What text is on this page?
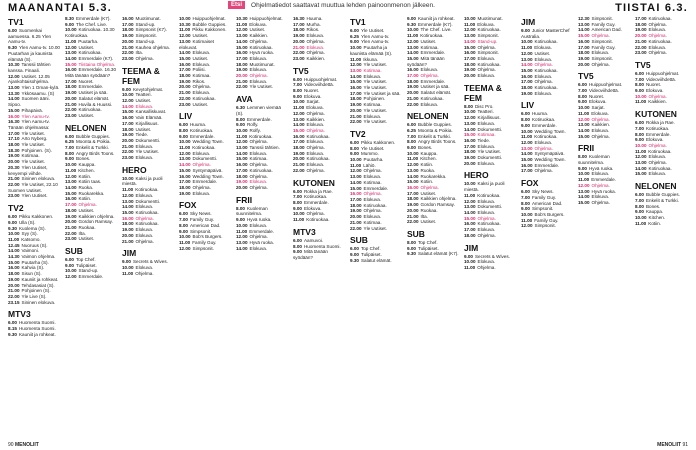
MAANANTAI 5.3.	Etsi	Ohjelmatiedot saattavat muuttua lehden painoonmenon jälkeen.	TIISTAI 6.3.
TV1
6.00 Suomenkai aamuessa. 6.25 Ylen Aamu-tv.
9.30 Ylen Aamu-tv. 10.00 Puutarhan ja kaunista elämää (S).
10.30 Tanssii tähtien kanssa. Finaali.
12.00 Uutiset. 12.05 Ajankohtaisohjelma.
13.00 Ylen 1 Oman-kylä.
13.30 Ykkösaamu. (S)
14.00 Suomen ääni. Sipoo.
15.00 Pihapäivä.
16.00 Ylen Aamu-tv.
16.30 Ylen Aamu-tv. Tänään ohjelmassa:
17.00 Yle Uutiset.
17.10 Arto Nyberg.
18.00 Yle Uutiset.
18.30 Pohjoinen. (S).
19.00 Kotimaa.
20.00 Yle Uutiset.
20.30 Ylen Uutiset, kevyempi viihde.
21.00 Sininen elokuva.
22.00 Yle Uutiset, 22.10 Suomen Uutiset.
23.00 Ylen Uutiset.
TV2
6.00 Pikku Kakkonen.
9.00 Ulla (S).
9.30 Kuolema (S).
10.00 Syy (S).
11.00 Katsomo.
12.45 Nuoruus (S).
14.00 Vaimoni.
14.30 Vaimon ohjelma.
15.00 Puutarha (S).
16.00 Kahvia (S).
18.00 Sisun (S).
19.00 Kauniit ja rohkeat.
20.00 Tehdasasiat (S).
21.00 Pohjoinen (S).
22.00 Yle Live (S).
23.15 Sininen elokuva.
MTV3
6.00 Huomenta Suomi.
8.15 Huomenta Suomi.
9.30 Kauniit ja rohkeat.
8.30 Emmerdale (K7).
9.00 The Chef. Live.
10.00 Kotiruokaa. 10.30 Kotiruokaa.
11.00 Puutarha.
12.00 Uutiset.
13.00 Kotiruokaa.
14.00 Emmerdale (K7).
15.00 Tiistaina Ohjelma.
16.00 Emmerdale. 16.30 Mitä tänään syödään?
17.00 Nuoret.
18.00 Emmerdale.
19.00 Uutiset ja sää.
20.00 Salatut elämät.
21.00 Huvila & Huussi.
22.00 Kotiruokaa.
23.00 Uutiset.
NELONEN
6.00 Bubble Guppies.
6.25 Moonta & Poikia.
7.00 Enkelit & Turkki.
8.00 Angry Birds Toons.
9.00 Bones.
10.00 Kauppa.
11.00 Kitchen.
12.00 Kotiin.
13.00 Kotiin taas.
14.00 Ruoka.
15.00 Ruokarekka.
16.00 Kotiin.
17.00 Ohjelma.
18.00 Uutiset.
19.00 Kaikkien ohjelma.
20.00 Gordon Ramsay.
21.00 Ruokaa.
22.00 Ilta.
23.00 Uutiset.
SUB
6.00 Top Chef.
9.00 Tulipäiset.
10.00 Stand-up.
12.00 Emmerdale.
16.00 Muotimunat.
17.00 Stand-up.
18.00 Simpsonit (K7).
19.00 Simpsonit.
20.00 Stand-up.
21.00 Kauhea ohjelma.
22.00 Ilta.
23.00 Ohjelma.
TEEMA & FEM
9.00 Kevytohjelmat.
10.00 Teatteri.
12.00 Uutiset.
14.00 Elokuva.
15.00 Kansalliskuvat.
16.00 Vain Elämää.
17.00 Kirjallisuus.
18.00 Uutiset.
19.00 Tiede.
20.00 Dokumentti.
21.00 Elokuva.
22.00 Yle Uutiset.
23.00 Elokuva.
HERO
10.00 Kaksi ja puoli miestä.
11.00 Kotiruokaa.
12.00 Elokuva.
13.00 Dokumentti.
14.00 Elokuva.
15.00 Kotiruokaa.
16.00 Ohjelma.
18.00 Kotiruokaa.
19.00 Elokuva.
20.00 Elokuva.
21.00 Ohjelma.
JIM
9.00 Secrets & Wives.
10.00 Elokuva.
11.00 Ohjelma.
10.00 Huippuohjelmat.
10.30 Bubble Guppies.
11.00 Pikku Kakkonen.
12.00 Uutiset.
13.00 Kotimaiset elokuvat.
14.00 Elokuva.
15.00 Uutiset.
16.00 Elokuva.
17.00 Poliisi.
18.00 Kotimaa.
19.00 Rikos.
20.00 Ohjelma.
21.00 Elokuva.
22.00 Kotiruokaa.
23.00 Uutiset.
LIV
6.00 Huuma.
8.00 Kotiruokaa.
9.00 Emmerdale.
10.00 Wedding Town.
11.00 Kotiruokaa.
12.00 Elokuva.
13.00 Dokumentti.
14.00 Ohjelma.
15.00 Syntymäpäivä.
16.00 Wedding Town.
17.00 Emmerdale.
18.00 Ohjelma.
19.00 Elokuva.
FOX
6.00 Sky News.
7.00 Family Guy.
8.00 American Dad.
9.00 Simpsonit.
10.00 Bob's Burgers.
11.00 Family Guy.
12.00 Simpsonit.
10.30 Huippuohjelmat.
11.00 Elokuva.
12.00 Uutiset.
13.00 Kaikkien.
14.00 Ohjelma.
15.00 Kotiruokaa.
16.00 Hyvä ruoka.
17.00 Elokuva.
18.00 Muotimunat.
19.00 Elokuva.
20.00 Ohjelma.
21.00 Elokuva.
22.00 Yle Uutiset.
AVA
6.30 Lemmen viemää (S).
8.00 Emmerdale.
9.00 Rolfy.
10.00 Rolfy.
11.00 Kotiruokaa.
12.00 Ohjelma.
13.00 Tanssii tähtien.
14.00 Elokuva.
15.00 Kotimaa.
16.00 Ohjelma.
17.00 Kotiruokaa.
18.00 Ohjelma.
19.00 Elokuva.
20.00 Ohjelma.
FRII
8.00 Kuoleman suunnitelma.
9.00 Hyvä ruoka.
10.00 Elokuva.
11.00 Emmerdale.
12.00 Ohjelma.
13.00 Hyvä ruoka.
14.00 Elokuva.
16.30 Huuma.
17.00 Murha.
18.00 Rikos.
19.00 Elokuva.
20.00 Ohjelma.
21.00 Elokuva.
22.00 Ohjelma.
23.00 Kaikkien.
TV5
6.00 Huippuohjelmat.
7.00 Videoviihdettä.
8.00 Nuoret.
9.00 Elokuva.
10.00 Sarjat.
11.00 Elokuva.
12.00 Ohjelma.
13.00 Kaikkien.
14.00 Elokuva.
15.00 Ohjelma.
16.00 Kotiruokaa.
17.00 Elokuva.
18.00 Ohjelma.
19.00 Elokuva.
20.00 Kotiruokaa.
21.00 Elokuva.
22.00 Ohjelma.
KUTONEN
6.00 Rokka ja Rae.
7.00 Kotiruokaa.
8.00 Emmerdale.
9.00 Elokuva.
10.00 Ohjelma.
11.00 Kotiruokaa.
MTV3
6.00 Aamuvoi.
8.00 Huomenta Suomi.
9.00 Mitä tänään syödään?
TV1
6.00 Yle Uutiset.
6.25 Ylen Aamu-tv.
9.00 Ylen Aamu-tv.
10.00 Puutarha ja kaunista elämää (S).
11.00 Ikkuna.
12.00 Yle Uutiset.
13.00 Kotimaa.
14.00 Elokuva.
15.00 Yle Uutiset.
16.00 Yle Uutiset.
17.00 Yle Uutiset ja sää.
18.00 Pohjoinen.
19.00 Kotimaa.
20.00 Yle Uutiset.
21.00 Elokuva.
22.00 Yle Uutiset.
TV2
6.00 Pikku Kakkonen.
8.00 Yle Uutiset.
9.00 Mummo.
10.00 Puutarha.
11.00 Lähiö.
12.00 Ohjelma.
13.00 Elokuva.
14.00 Kotimaa.
15.00 Emmerdale.
16.00 Ohjelma.
17.00 Elokuva.
18.00 Kotiruokaa.
19.00 Ohjelma.
20.00 Elokuva.
21.00 Kotimaa.
22.00 Yle Uutiset.
SUB
6.00 Top Chef.
9.00 Tulipäiset.
9.30 Salatut elämät.
9.00 Kauniit ja rohkeat.
9.30 Emmerdale (K7).
10.00 The Chef. Live.
11.00 Kotiruokaa.
12.00 Uutiset.
13.00 Kotimaa.
14.00 Emmerdale.
15.00 Mitä tänään syödään?
16.00 Elokuva.
17.00 Ohjelma.
18.00 Emmerdale.
19.00 Uutiset ja sää.
20.00 Salatut elämät.
21.00 Kotiruokaa.
22.00 Elokuva.
NELONEN
6.00 Bubble Guppies.
6.25 Moonta & Poikia.
7.00 Enkelit & Turkki.
8.00 Angry Birds Toons.
9.00 Bones.
10.00 Kauppa.
11.00 Kitchen.
12.00 Kotiin.
13.00 Ruoka.
14.00 Ruokarekka.
15.00 Kotiin.
16.00 Ohjelma.
17.00 Uutiset.
18.00 Kaikkien ohjelma.
19.00 Gordon Ramsay.
20.00 Ruokaa.
21.00 Ilta.
22.00 Uutiset.
SUB
8.00 Top Chef.
9.00 Tulipäiset.
9.30 Salatut elämät (K7).
10.00 Muotimunat.
11.00 Elokuva.
12.00 Kotiruokaa.
13.00 Simpsonit.
14.00 Stand-up.
15.00 Ohjelma.
16.00 Simpsonit.
17.00 Elokuva.
18.00 Kotiruokaa.
19.00 Ohjelma.
20.00 Elokuva.
TEEMA & FEM
8.00 Disc Pro.
10.00 Teatteri.
12.00 Kirjallisuus.
13.00 Elokuva.
14.00 Dokumentti.
15.00 Kotimaa.
16.00 Tiede.
17.00 Elokuva.
18.00 Yle Uutiset.
19.00 Dokumentti.
20.00 Elokuva.
HERO
10.00 Kaksi ja puoli miestä.
11.00 Kotiruokaa.
12.00 Elokuva.
13.00 Dokumentti.
14.00 Elokuva.
15.00 Ohjelma.
16.00 Kotiruokaa.
17.00 Elokuva.
18.00 Ohjelma.
JIM
9.00 Secrets & Wives.
10.00 Elokuva.
11.00 Ohjelma.
JIM
9.00 Junior MasterChef Australia.
10.00 Kotiruokaa.
11.00 Elokuva.
12.00 Uutiset.
13.00 Elokuva.
14.00 Ohjelma.
15.00 Kotiruokaa.
16.00 Elokuva.
17.00 Ohjelma.
18.00 Kotiruokaa.
19.00 Elokuva.
LIV
6.00 Huuma.
8.00 Kotiruokaa.
9.00 Emmerdale.
10.00 Wedding Town.
11.00 Kotiruokaa.
12.00 Elokuva.
13.00 Ohjelma.
14.00 Syntymäpäivä.
15.00 Wedding Town.
16.00 Emmerdale.
17.00 Ohjelma.
FOX
6.00 Sky News.
7.00 Family Guy.
8.00 American Dad.
9.00 Simpsonit.
10.00 Bob's Burgers.
11.00 Family Guy.
12.00 Simpsonit.
12.30 Simpsonit.
13.00 Family Guy.
14.00 American Dad.
15.00 Ohjelma.
16.00 Simpsonit.
17.00 Family Guy.
18.00 Elokuva.
19.00 Simpsonit.
20.00 Ohjelma.
TV5
6.00 Huippuohjelmat.
7.00 Videoviihdettä.
8.00 Nuoret.
9.00 Elokuva.
10.00 Sarjat.
11.00 Elokuva.
12.00 Ohjelma.
13.00 Kaikkien.
14.00 Elokuva.
15.00 Ohjelma.
FRII
8.00 Kuoleman suunnitelma.
9.00 Hyvä ruoka.
10.00 Elokuva.
11.00 Emmerdale.
12.00 Ohjelma.
13.00 Hyvä ruoka.
14.00 Elokuva.
15.00 Ohjelma.
17.00 Kotiruokaa.
18.00 Ohjelma.
19.00 Elokuva.
20.00 Ohjelma.
21.00 Kotiruokaa.
22.00 Elokuva.
23.00 Ohjelma.
TV5
6.00 Huippuohjelmat.
7.00 Videoviihdettä.
8.00 Nuoret.
9.00 Elokuva.
10.00 Ohjelma.
11.00 Kaikkien.
KUTONEN
6.00 Rokka ja Rae.
7.00 Kotiruokaa.
8.00 Emmerdale.
9.00 Elokuva.
10.00 Ohjelma.
11.00 Kotiruokaa.
12.00 Elokuva.
13.00 Ohjelma.
14.00 Kotiruokaa.
15.00 Elokuva.
NELONEN
6.00 Bubble Guppies.
7.00 Enkelit & Turkki.
8.00 Bones.
9.00 Kauppa.
10.00 Kitchen.
11.00 Kotiin.
90 MENOLIIT	MENOLIIT 91
